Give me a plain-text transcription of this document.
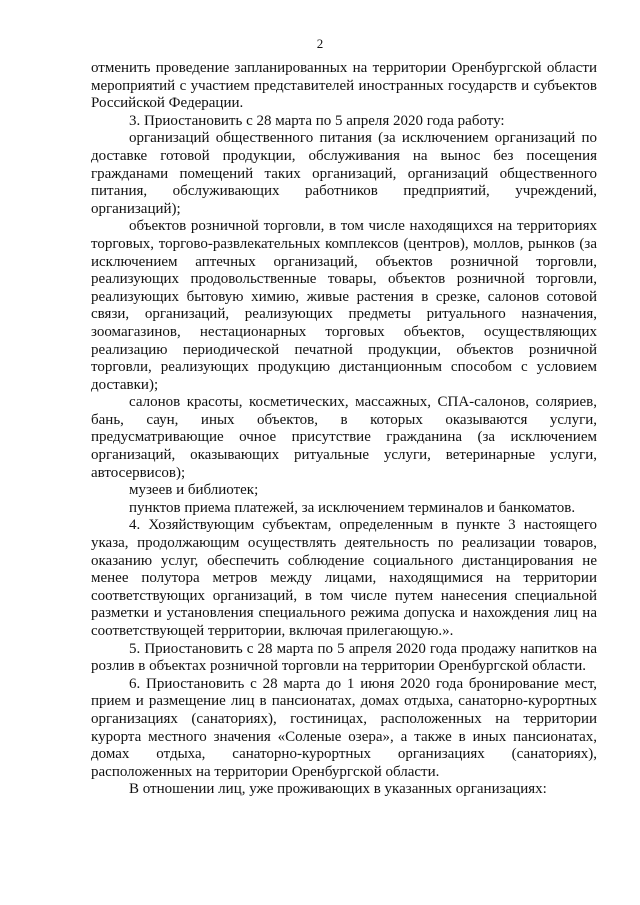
2

отменить проведение запланированных на территории Оренбургской области мероприятий с участием представителей иностранных государств и субъектов Российской Федерации.

3. Приостановить с 28 марта по 5 апреля 2020 года работу:

организаций общественного питания (за исключением организаций по доставке готовой продукции, обслуживания на вынос без посещения гражданами помещений таких организаций, организаций общественного питания, обслуживающих работников предприятий, учреждений, организаций);

объектов розничной торговли, в том числе находящихся на территориях торговых, торгово-развлекательных комплексов (центров), моллов, рынков (за исключением аптечных организаций, объектов розничной торговли, реализующих продовольственные товары, объектов розничной торговли, реализующих бытовую химию, живые растения в срезке, салонов сотовой связи, организаций, реализующих предметы ритуального назначения, зоомагазинов, нестационарных торговых объектов, осуществляющих реализацию периодической печатной продукции, объектов розничной торговли, реализующих продукцию дистанционным способом с условием доставки);

салонов красоты, косметических, массажных, СПА-салонов, соляриев, бань, саун, иных объектов, в которых оказываются услуги, предусматривающие очное присутствие гражданина (за исключением организаций, оказывающих ритуальные услуги, ветеринарные услуги, автосервисов);

музеев и библиотек;

пунктов приема платежей, за исключением терминалов и банкоматов.

4. Хозяйствующим субъектам, определенным в пункте 3 настоящего указа, продолжающим осуществлять деятельность по реализации товаров, оказанию услуг, обеспечить соблюдение социального дистанцирования не менее полутора метров между лицами, находящимися на территории соответствующих организаций, в том числе путем нанесения специальной разметки и установления специального режима допуска и нахождения лиц на соответствующей территории, включая прилегающую.».

5. Приостановить с 28 марта по 5 апреля 2020 года продажу напитков на розлив в объектах розничной торговли на территории Оренбургской области.

6. Приостановить с 28 марта до 1 июня 2020 года бронирование мест, прием и размещение лиц в пансионатах, домах отдыха, санаторно-курортных организациях (санаториях), гостиницах, расположенных на территории курорта местного значения «Соленые озера», а также в иных пансионатах, домах отдыха, санаторно-курортных организациях (санаториях), расположенных на территории Оренбургской области.

В отношении лиц, уже проживающих в указанных организациях:
